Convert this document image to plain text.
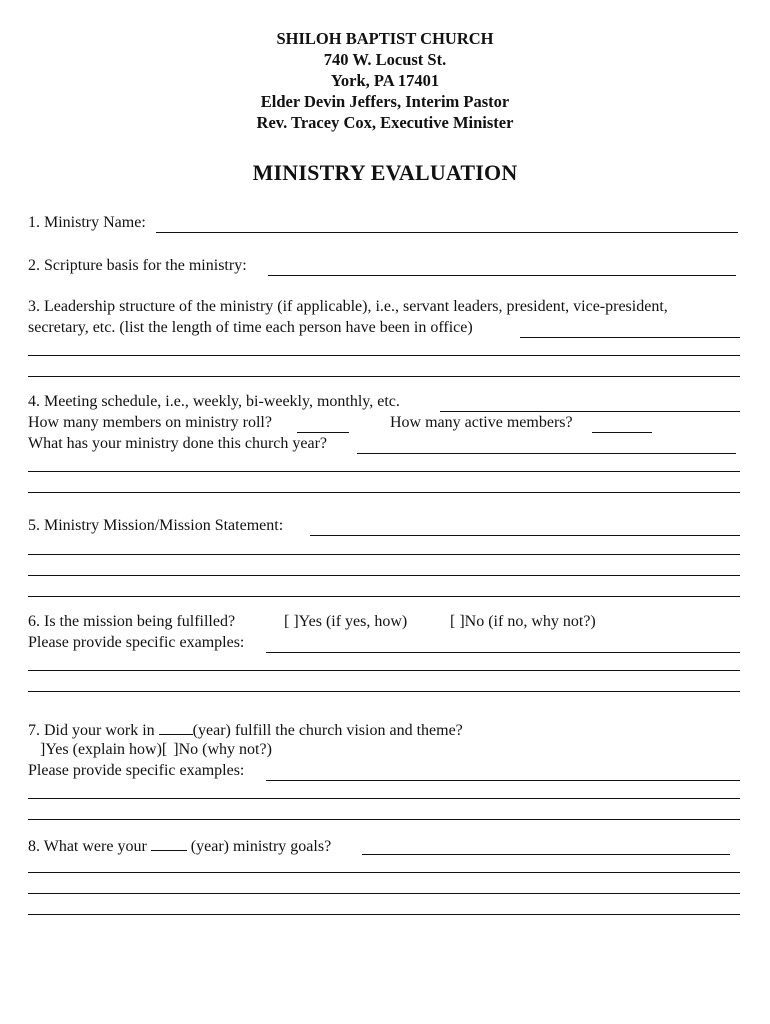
SHILOH BAPTIST CHURCH
740 W. Locust St.
York, PA 17401
Elder Devin Jeffers, Interim Pastor
Rev. Tracey Cox, Executive Minister
MINISTRY EVALUATION
1. Ministry Name:
2. Scripture basis for the ministry:
3. Leadership structure of the ministry (if applicable), i.e., servant leaders, president, vice-president,
secretary, etc. (list the length of time each person have been in office)
4. Meeting schedule, i.e., weekly, bi-weekly, monthly, etc.
How many members on ministry roll?	How many active members?
What has your ministry done this church year?
5. Ministry Mission/Mission Statement:
6. Is the mission being fulfilled?	[ ]Yes (if yes, how)	[ ]No (if no, why not?)
Please provide specific examples:
7. Did your work in (year) fulfill the church vision and theme?
]Yes (explain how)[ ]No (why not?)
Please provide specific examples:
8. What were your  (year) ministry goals?
